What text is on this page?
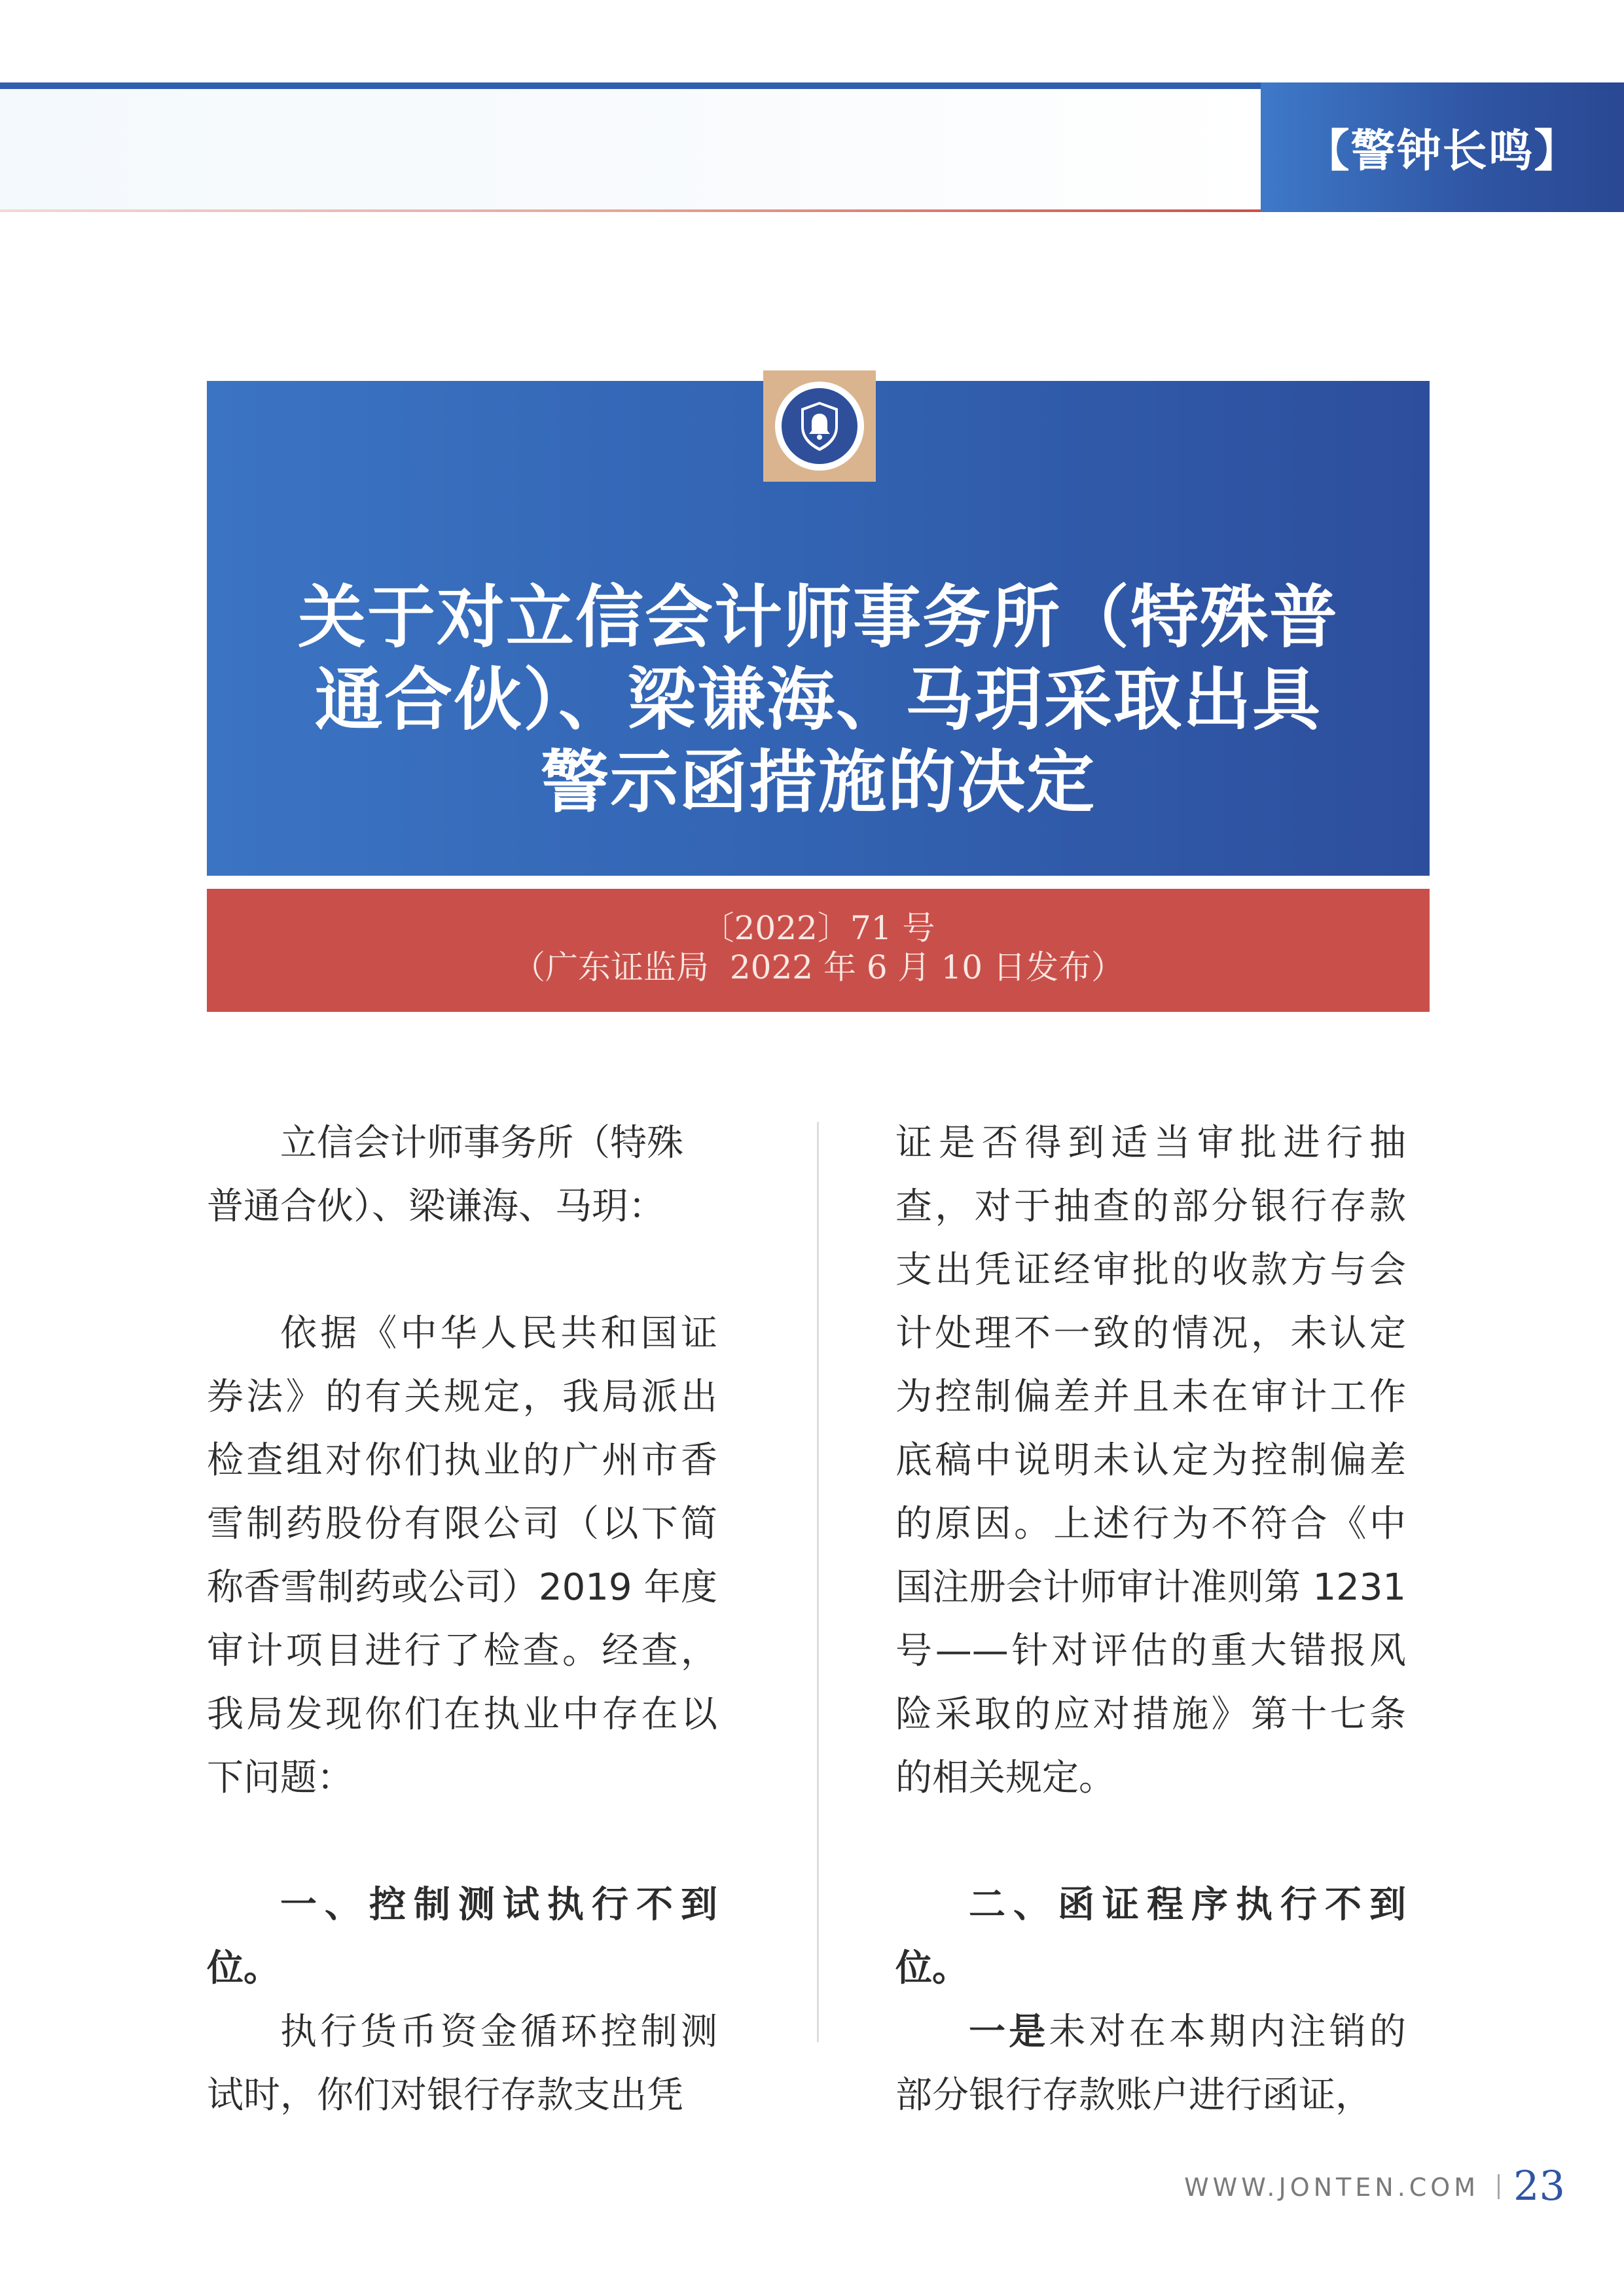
【警钟长鸣】
关于对立信会计师事务所（特殊普
通合伙）、梁谦海、马玥采取出具
警示函措施的决定
〔2022〕71 号
（广东证监局  2022 年 6 月 10 日发布）

立信会计师事务所（特殊
普通合伙）、梁谦海、马玥：

依据《中华人民共和国证券法》的有关规定，我局派出检查组对你们执业的广州市香雪制药股份有限公司（以下简称香雪制药或公司）2019 年度审计项目进行了检查。经查，我局发现你们在执业中存在以下问题：

一、控制测试执行不到位。

执行货币资金循环控制测试时，你们对银行存款支出凭

证是否得到适当审批进行抽查，对于抽查的部分银行存款支出凭证经审批的收款方与会计处理不一致的情况，未认定为控制偏差并且未在审计工作底稿中说明未认定为控制偏差的原因。上述行为不符合《中国注册会计师审计准则第 1231 号——针对评估的重大错报风险采取的应对措施》第十七条的相关规定。

二、函证程序执行不到位。

一是未对在本期内注销的部分银行存款账户进行函证，

WWW.JONTEN.COM 23
